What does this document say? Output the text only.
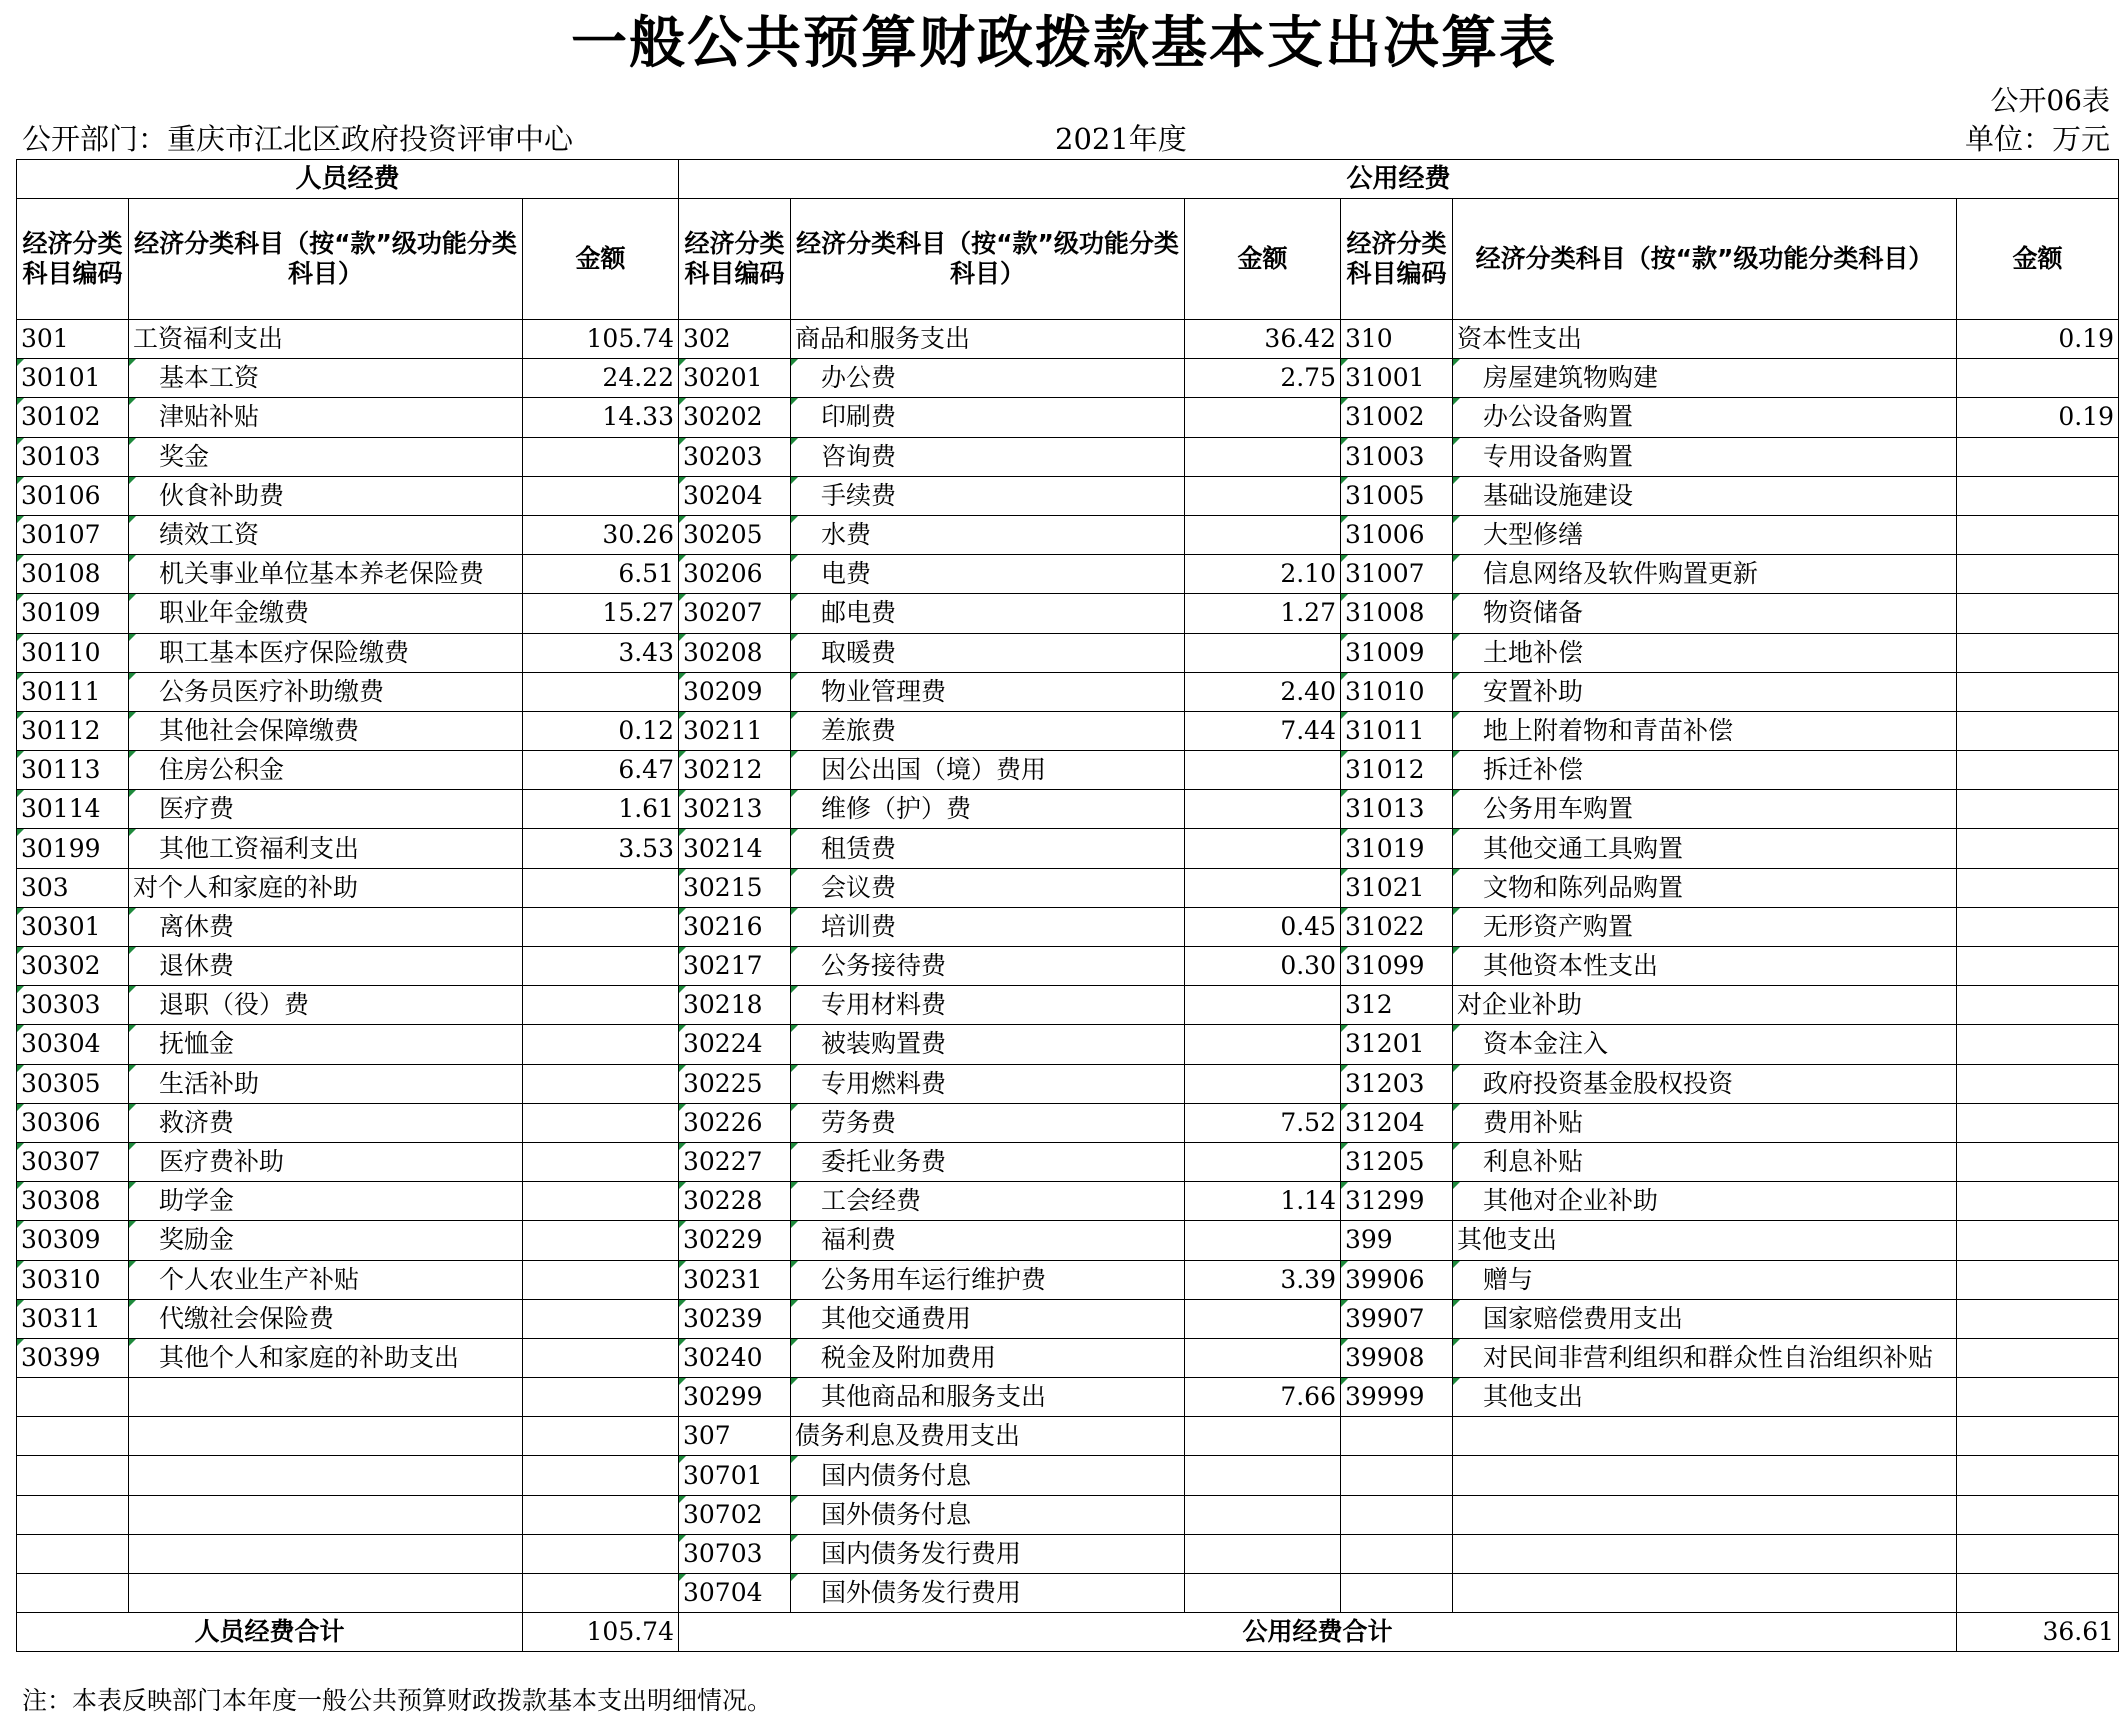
一般公共预算财政拨款基本支出决算表
公开06表
公开部门：重庆市江北区政府投资评审中心	2021年度	单位：万元
人员经费			公用经费					
经济分类科目编码	经济分类科目（按“款”级功能分类科目）	金额	经济分类科目编码	经济分类科目（按“款”级功能分类科目）	金额	经济分类科目编码	经济分类科目（按“款”级功能分类科目）	金额
301	工资福利支出	105.74	302	商品和服务支出	36.42	310	资本性支出	0.19
30101	基本工资	24.22	30201	办公费	2.75	31001	房屋建筑物购建	
30102	津贴补贴	14.33	30202	印刷费		31002	办公设备购置	0.19
30103	奖金		30203	咨询费		31003	专用设备购置	
30106	伙食补助费		30204	手续费		31005	基础设施建设	
30107	绩效工资	30.26	30205	水费		31006	大型修缮	
30108	机关事业单位基本养老保险费	6.51	30206	电费	2.10	31007	信息网络及软件购置更新	
30109	职业年金缴费	15.27	30207	邮电费	1.27	31008	物资储备	
30110	职工基本医疗保险缴费	3.43	30208	取暖费		31009	土地补偿	
30111	公务员医疗补助缴费		30209	物业管理费	2.40	31010	安置补助	
30112	其他社会保障缴费	0.12	30211	差旅费	7.44	31011	地上附着物和青苗补偿	
30113	住房公积金	6.47	30212	因公出国（境）费用		31012	拆迁补偿	
30114	医疗费	1.61	30213	维修（护）费		31013	公务用车购置	
30199	其他工资福利支出	3.53	30214	租赁费		31019	其他交通工具购置	
303	对个人和家庭的补助		30215	会议费		31021	文物和陈列品购置	
30301	离休费		30216	培训费	0.45	31022	无形资产购置	
30302	退休费		30217	公务接待费	0.30	31099	其他资本性支出	
30303	退职（役）费		30218	专用材料费		312	对企业补助	
30304	抚恤金		30224	被装购置费		31201	资本金注入	
30305	生活补助		30225	专用燃料费		31203	政府投资基金股权投资	
30306	救济费		30226	劳务费	7.52	31204	费用补贴	
30307	医疗费补助		30227	委托业务费		31205	利息补贴	
30308	助学金		30228	工会经费	1.14	31299	其他对企业补助	
30309	奖励金		30229	福利费		399	其他支出	
30310	个人农业生产补贴		30231	公务用车运行维护费	3.39	39906	赠与	
30311	代缴社会保险费		30239	其他交通费用		39907	国家赔偿费用支出	
30399	其他个人和家庭的补助支出		30240	税金及附加费用		39908	对民间非营利组织和群众性自治组织补贴	
			30299	其他商品和服务支出	7.66	39999	其他支出	
			307	债务利息及费用支出				
			30701	国内债务付息				
			30702	国外债务付息				
			30703	国内债务发行费用				
			30704	国外债务发行费用				
人员经费合计		105.74	公用经费合计					36.61
注：本表反映部门本年度一般公共预算财政拨款基本支出明细情况。
